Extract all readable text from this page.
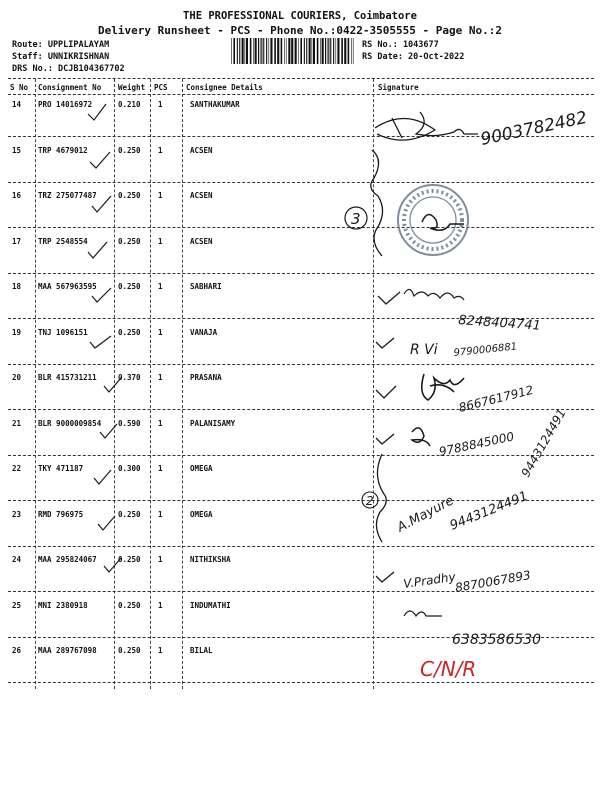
THE PROFESSIONAL COURIERS, Coimbatore
Delivery Runsheet - PCS - Phone No.:0422-3505555 - Page No.:2
Route: UPPLIPALAYAM
Staff: UNNIKRISHNAN
DRS No.: DCJB104367702
RS No.: 1043677
RS Date: 20-Oct-2022
S No Consignment No Weight PCS Consignee Details	Signature
14 PRO 14016972	0.210 1	SANTHAKUMAR
15 TRP 4679012	0.250 1	ACSEN
16 TRZ 275077487	0.250 1	ACSEN
17 TRP 2548554	0.250 1	ACSEN
18 MAA 567963595	0.250 1	SABHARI
19 TNJ 1096151	0.250 1	VANAJA
20 BLR 415731211	0.370 1	PRASANA
21 BLR 9000009854 0.590 1	PALANISAMY
22 TKY 471187	0.300 1	OMEGA
23 RMD 796975	0.250 1	OMEGA
24 MAA 295824067	0.250 1	NITHIKSHA
25 MNI 2380918	0.250 1	INDUMATHI
26 MAA 289767098	0.250 1	BILAL
9003782482
3
8248404741
R Vi 9790006881
8667617912
9788845000
2 A.Mayure
9443124491
9443124491
V.Pradhy
8870067893
6383586530
C/N/R
